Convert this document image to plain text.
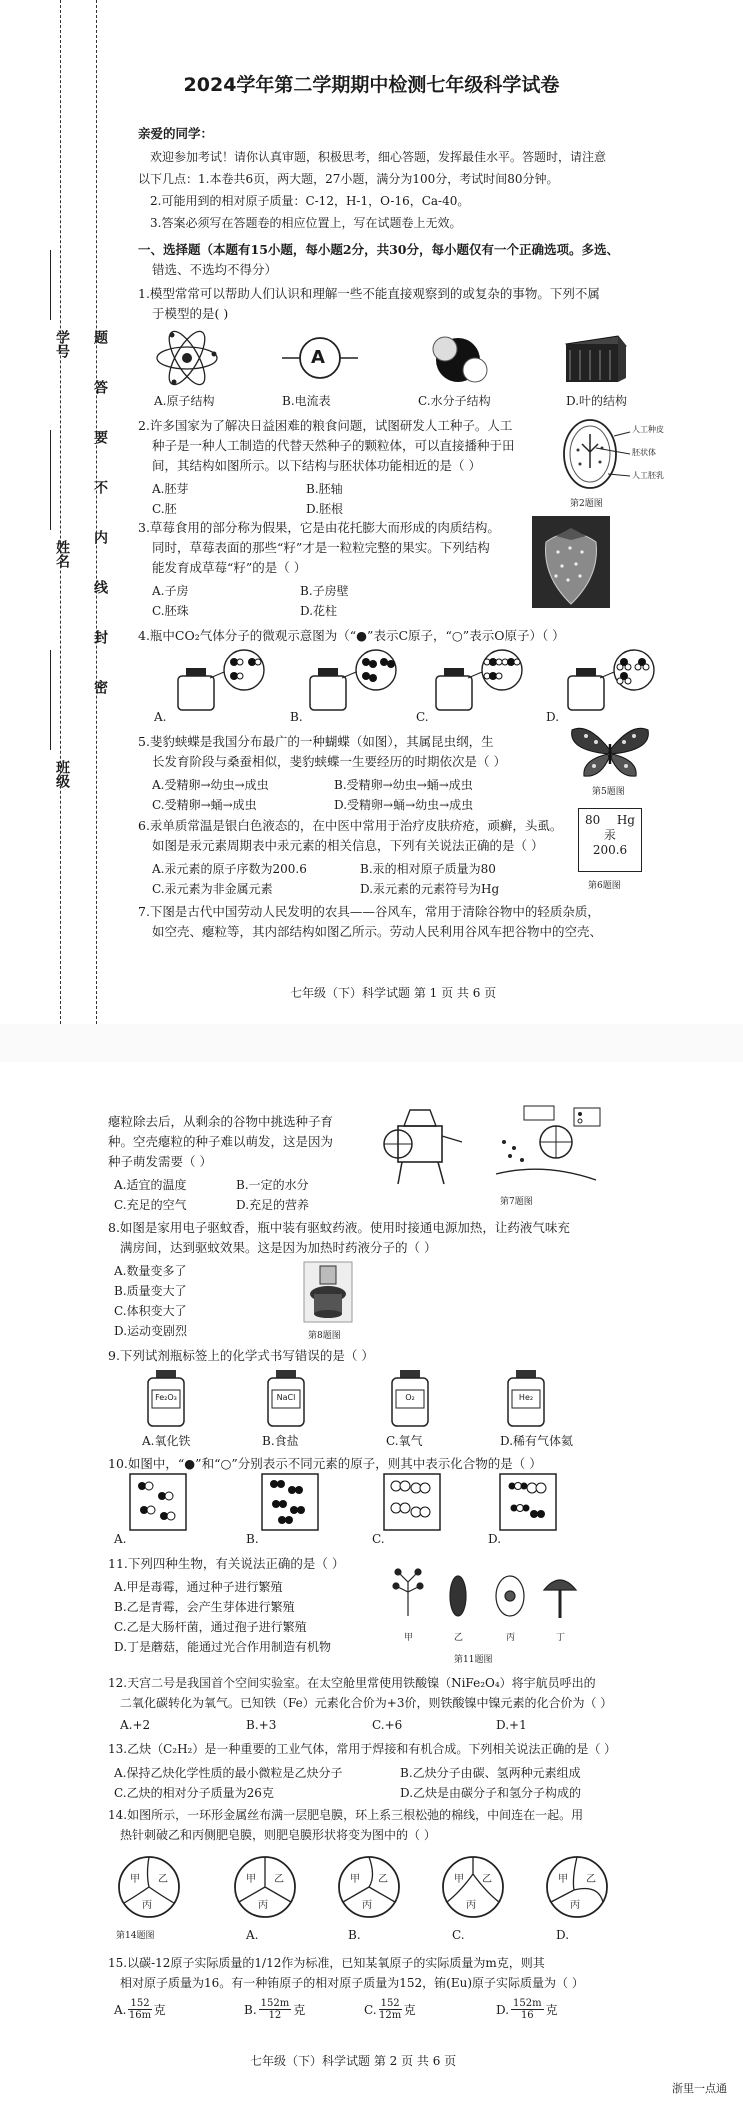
学号
姓名
班级
题
答
要
不
内
线
封
密
2024学年第二学期期中检测七年级科学试卷
亲爱的同学：
欢迎参加考试！请你认真审题，积极思考，细心答题，发挥最佳水平。答题时，请注意
以下几点：1.本卷共6页，两大题，27小题，满分为100分，考试时间80分钟。
2.可能用到的相对原子质量：C-12，H-1，O-16，Ca-40。
3.答案必须写在答题卷的相应位置上，写在试题卷上无效。
一、选择题（本题有15小题，每小题2分，共30分，每小题仅有一个正确选项。多选、
错选、不选均不得分）
1.模型常常可以帮助人们认识和理解一些不能直接观察到的或复杂的事物。下列不属
于模型的是( )
A
A.原子结构	B.电流表	C.水分子结构	D.叶的结构
2.许多国家为了解决日益困难的粮食问题，试图研发人工种子。人工
种子是一种人工制造的代替天然种子的颗粒体，可以直接播种于田
间，其结构如图所示。以下结构与胚状体功能相近的是（ ）
A.胚芽	B.胚轴
C.胚	D.胚根
人工种皮
胚状体
人工胚乳
第2题图
3.草莓食用的部分称为假果，它是由花托膨大而形成的肉质结构。
同时，草莓表面的那些“籽”才是一粒粒完整的果实。下列结构
能发育成草莓“籽”的是（ ）
A.子房	B.子房壁
C.胚珠	D.花柱
4.瓶中CO₂气体分子的微观示意图为（“●”表示C原子，“○”表示O原子）（ ）
A.	B.	C.	D.
5.斐豹蛱蝶是我国分布最广的一种蝴蝶（如图），其属昆虫纲，生
长发育阶段与桑蚕相似，斐豹蛱蝶一生要经历的时期依次是（ ）
A.受精卵→幼虫→成虫	B.受精卵→幼虫→蛹→成虫
C.受精卵→蛹→成虫	D.受精卵→蛹→幼虫→成虫
第5题图
6.汞单质常温是银白色液态的，在中医中常用于治疗皮肤疥疮，顽癣，头虱。
如图是汞元素周期表中汞元素的相关信息，下列有关说法正确的是（ ）
A.汞元素的原子序数为200.6	B.汞的相对原子质量为80
C.汞元素为非金属元素	D.汞元素的元素符号为Hg
80 Hg
汞
200.6
第6题图
7.下图是古代中国劳动人民发明的农具——谷风车，常用于清除谷物中的轻质杂质，
如空壳、瘪粒等，其内部结构如图乙所示。劳动人民利用谷风车把谷物中的空壳、
七年级（下）科学试题 第 1 页 共 6 页
瘪粒除去后，从剩余的谷物中挑选种子育
种。空壳瘪粒的种子难以萌发，这是因为
种子萌发需要（ ）
A.适宜的温度	B.一定的水分
C.充足的空气	D.充足的营养	第7题图
8.如图是家用电子驱蚊香，瓶中装有驱蚊药液。使用时接通电源加热，让药液气味充
满房间，达到驱蚊效果。这是因为加热时药液分子的（ ）
A.数量变多了
B.质量变大了
C.体积变大了
D.运动变剧烈	第8题图
9.下列试剂瓶标签上的化学式书写错误的是（ ）
Fe₂O₃	NaCl	O₂	He₂
A.氧化铁	B.食盐	C.氧气	D.稀有气体氦
10.如图中，“●”和“○”分别表示不同元素的原子，则其中表示化合物的是（ ）
A.	B.	C.	D.
11.下列四种生物，有关说法正确的是（ ）
A.甲是毒霉，通过种子进行繁殖
B.乙是青霉，会产生芽体进行繁殖
C.乙是大肠杆菌，通过孢子进行繁殖
D.丁是蘑菇，能通过光合作用制造有机物
甲	乙	丙	丁
第11题图
12.天宫二号是我国首个空间实验室。在太空舱里常使用铁酸镍（NiFe₂O₄）将宇航员呼出的
二氧化碳转化为氧气。已知铁（Fe）元素化合价为+3价，则铁酸镍中镍元素的化合价为（ ）
A.+2	B.+3	C.+6	D.+1
13.乙炔（C₂H₂）是一种重要的工业气体，常用于焊接和有机合成。下列相关说法正确的是（ ）
A.保持乙炔化学性质的最小微粒是乙炔分子	B.乙炔分子由碳、氢两种元素组成
C.乙炔的相对分子质量为26克	D.乙炔是由碳分子和氢分子构成的
14.如图所示，一环形金属丝布满一层肥皂膜，环上系三根松弛的棉线，中间连在一起。用
热针刺破乙和丙侧肥皂膜，则肥皂膜形状将变为图中的（ ）
甲 乙
丙
甲 乙
丙
甲 乙
丙
甲 乙
丙
甲 乙
丙
第14题图	A.	B.	C.	D.
15.以碳-12原子实际质量的1/12作为标准，已知某氧原子的实际质量为m克，则其
相对原子质量为16。有一种铕原子的相对原子质量为152，铕(Eu)原子实际质量为（ ）
A. $\frac{152}{16m}$ 克	B. $\frac{152m}{12}$ 克	C. $\frac{152}{12m}$ 克	D. $\frac{152m}{16}$ 克
七年级（下）科学试题 第 2 页 共 6 页
浙里一点通
